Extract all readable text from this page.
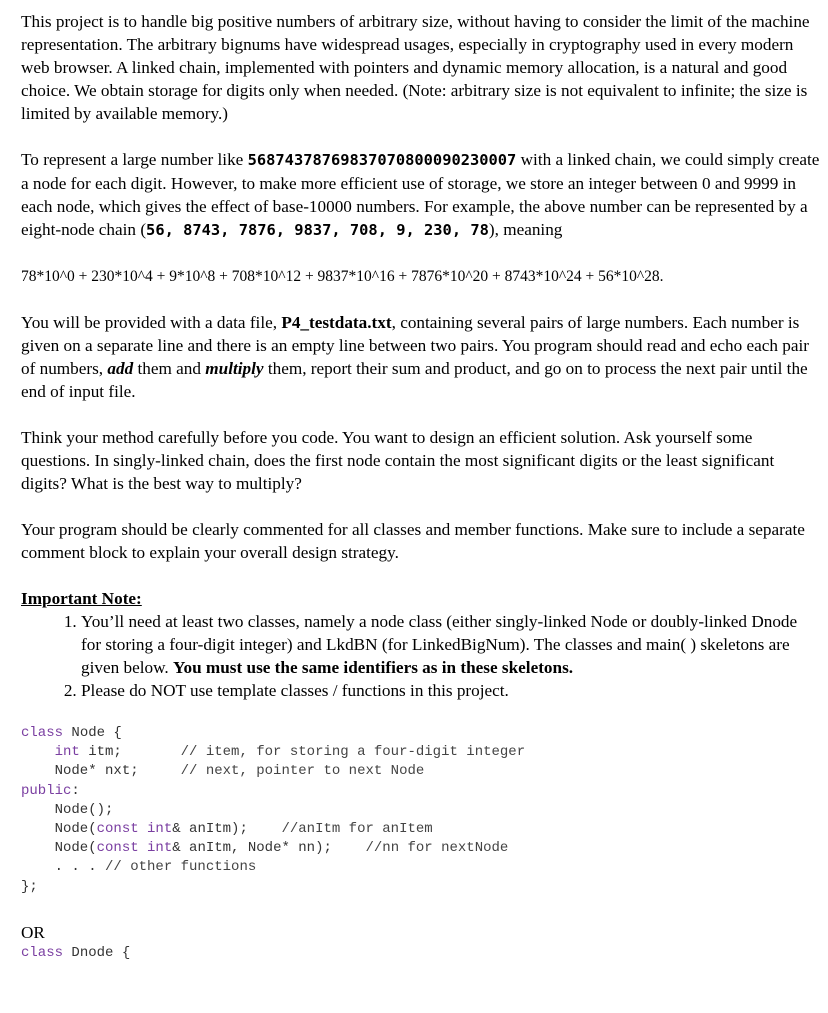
This project is to handle big positive numbers of arbitrary size, without having to consider the limit of the machine representation. The arbitrary bignums have widespread usages, especially in cryptography used in every modern web browser. A linked chain, implemented with pointers and dynamic memory allocation, is a natural and good choice. We obtain storage for digits only when needed. (Note: arbitrary size is not equivalent to infinite; the size is limited by available memory.)

To represent a large number like 56874378769837070800090230007 with a linked chain, we could simply create a node for each digit. However, to make more efficient use of storage, we store an integer between 0 and 9999 in each node, which gives the effect of base-10000 numbers. For example, the above number can be represented by a eight-node chain (56, 8743, 7876, 9837, 708, 9, 230, 78), meaning

78*10^0 + 230*10^4 + 9*10^8 + 708*10^12 + 9837*10^16 + 7876*10^20 + 8743*10^24 + 56*10^28.

You will be provided with a data file, P4_testdata.txt, containing several pairs of large numbers. Each number is given on a separate line and there is an empty line between two pairs. You program should read and echo each pair of numbers, add them and multiply them, report their sum and product, and go on to process the next pair until the end of input file.

Think your method carefully before you code. You want to design an efficient solution. Ask yourself some questions. In singly-linked chain, does the first node contain the most significant digits or the least significant digits? What is the best way to multiply?

Your program should be clearly commented for all classes and member functions. Make sure to include a separate comment block to explain your overall design strategy.

Important Note:

1. You’ll need at least two classes, namely a node class (either singly-linked Node or doubly-linked Dnode for storing a four-digit integer) and LkdBN (for LinkedBigNum). The classes and main( ) skeletons are given below. You must use the same identifiers as in these skeletons.
2. Please do NOT use template classes / functions in this project.
class Node {
int itm;       // item, for storing a four-digit integer
Node* nxt;     // next, pointer to next Node
public:
Node();
Node(const int& anItm);    //anItm for anItem
Node(const int& anItm, Node* nn);    //nn for nextNode
. . . // other functions
};

OR

class Dnode {
